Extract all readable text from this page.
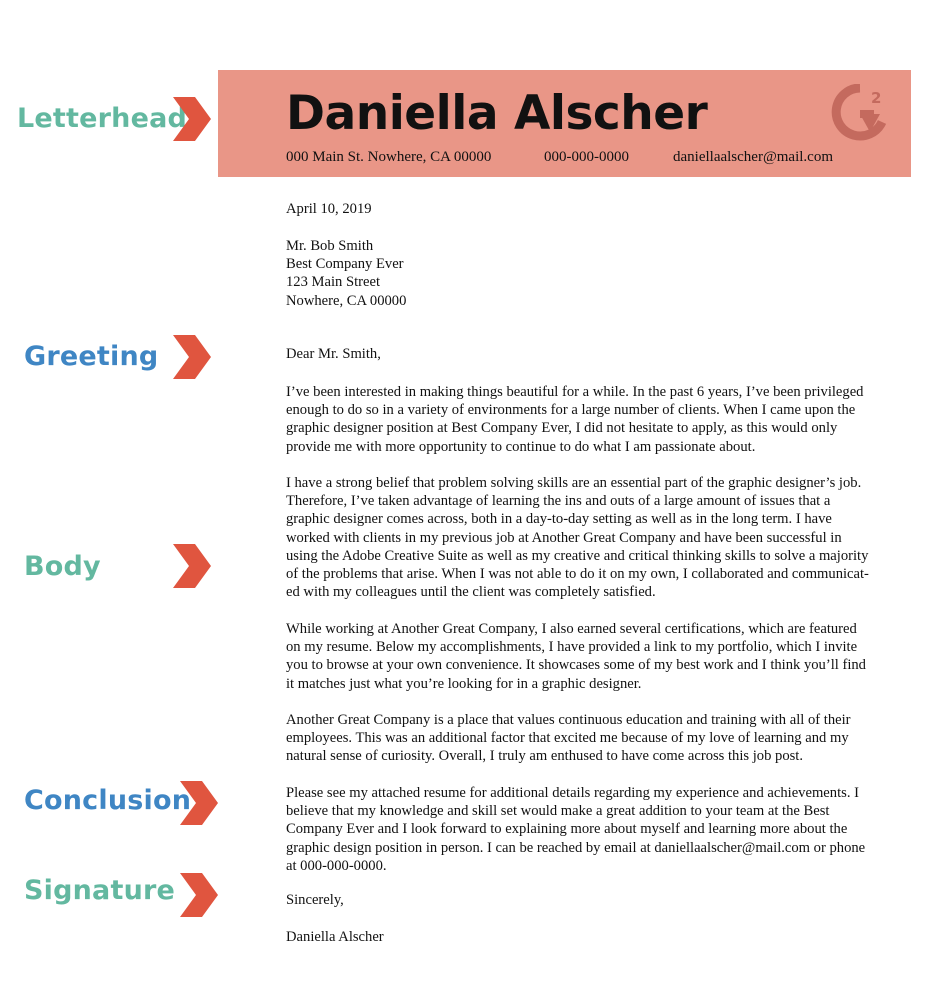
Letterhead
Greeting
Body
Conclusion
Signature
Daniella Alscher
000 Main St. Nowhere, CA 00000	000-000-0000	daniellaalscher@mail.com
2
April 10, 2019
Mr. Bob Smith
Best Company Ever
123 Main Street
Nowhere, CA 00000
Dear Mr. Smith,
I’ve been interested in making things beautiful for a while. In the past 6 years, I’ve been privileged
enough to do so in a variety of environments for a large number of clients. When I came upon the
graphic designer position at Best Company Ever, I did not hesitate to apply, as this would only
provide me with more opportunity to continue to do what I am passionate about.
I have a strong belief that problem solving skills are an essential part of the graphic designer’s job.
Therefore, I’ve taken advantage of learning the ins and outs of a large amount of issues that a
graphic designer comes across, both in a day-to-day setting as well as in the long term. I have
worked with clients in my previous job at Another Great Company and have been successful in
using the Adobe Creative Suite as well as my creative and critical thinking skills to solve a majority
of the problems that arise. When I was not able to do it on my own, I collaborated and communicat-
ed with my colleagues until the client was completely satisfied.
While working at Another Great Company, I also earned several certifications, which are featured
on my resume. Below my accomplishments, I have provided a link to my portfolio, which I invite
you to browse at your own convenience. It showcases some of my best work and I think you’ll find
it matches just what you’re looking for in a graphic designer.
Another Great Company is a place that values continuous education and training with all of their
employees. This was an additional factor that excited me because of my love of learning and my
natural sense of curiosity. Overall, I truly am enthused to have come across this job post.
Please see my attached resume for additional details regarding my experience and achievements. I
believe that my knowledge and skill set would make a great addition to your team at the Best
Company Ever and I look forward to explaining more about myself and learning more about the
graphic design position in person. I can be reached by email at daniellaalscher@mail.com or phone
at 000-000-0000.
Sincerely,
Daniella Alscher
